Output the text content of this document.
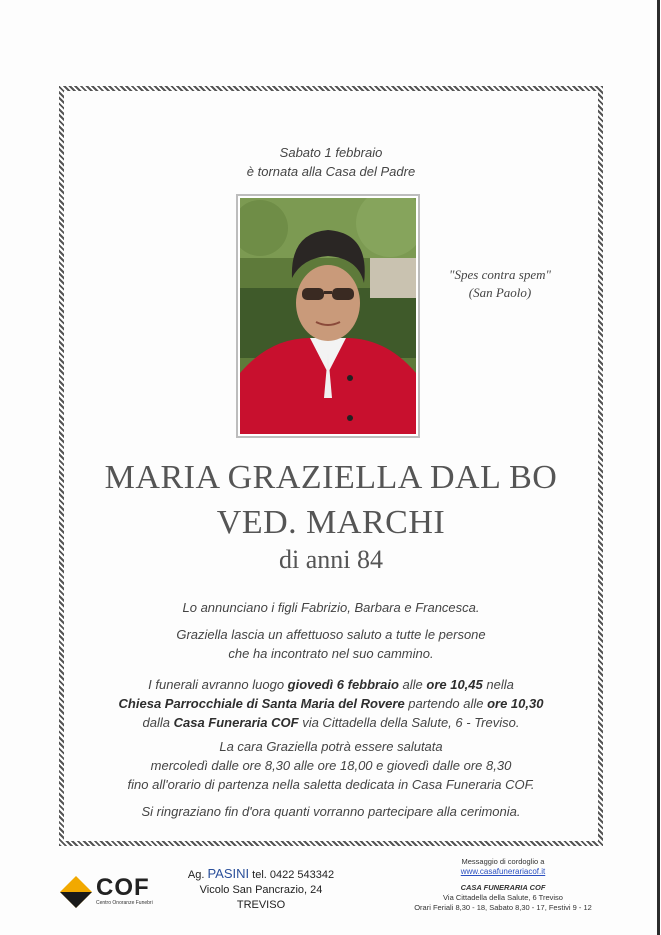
Sabato 1 febbraio
è tornata alla Casa del Padre
"Spes contra spem"
(San Paolo)
MARIA GRAZIELLA DAL BO
VED. MARCHI
di anni 84
Lo annunciano i figli Fabrizio, Barbara e Francesca.
Graziella lascia un affettuoso saluto a tutte le persone
che ha incontrato nel suo cammino.
I funerali avranno luogo giovedì 6 febbraio alle ore 10,45 nella
Chiesa Parrocchiale di Santa Maria del Rovere partendo alle ore 10,30
dalla Casa Funeraria COF via Cittadella della Salute, 6 - Treviso.
La cara Graziella potrà essere salutata
mercoledì dalle ore 8,30 alle ore 18,00 e giovedì dalle ore 8,30
fino all'orario di partenza nella saletta dedicata in Casa Funeraria COF.
Si ringraziano fin d'ora quanti vorranno partecipare alla cerimonia.
COF
Centro Onoranze Funebri
Ag. PASINI tel. 0422 543342
Vicolo San Pancrazio, 24
TREVISO
Messaggio di cordoglio a
www.casafunerariacof.it
CASA FUNERARIA COF
Via Cittadella della Salute, 6 Treviso
Orari Feriali 8,30 - 18, Sabato 8,30 - 17, Festivi 9 - 12
